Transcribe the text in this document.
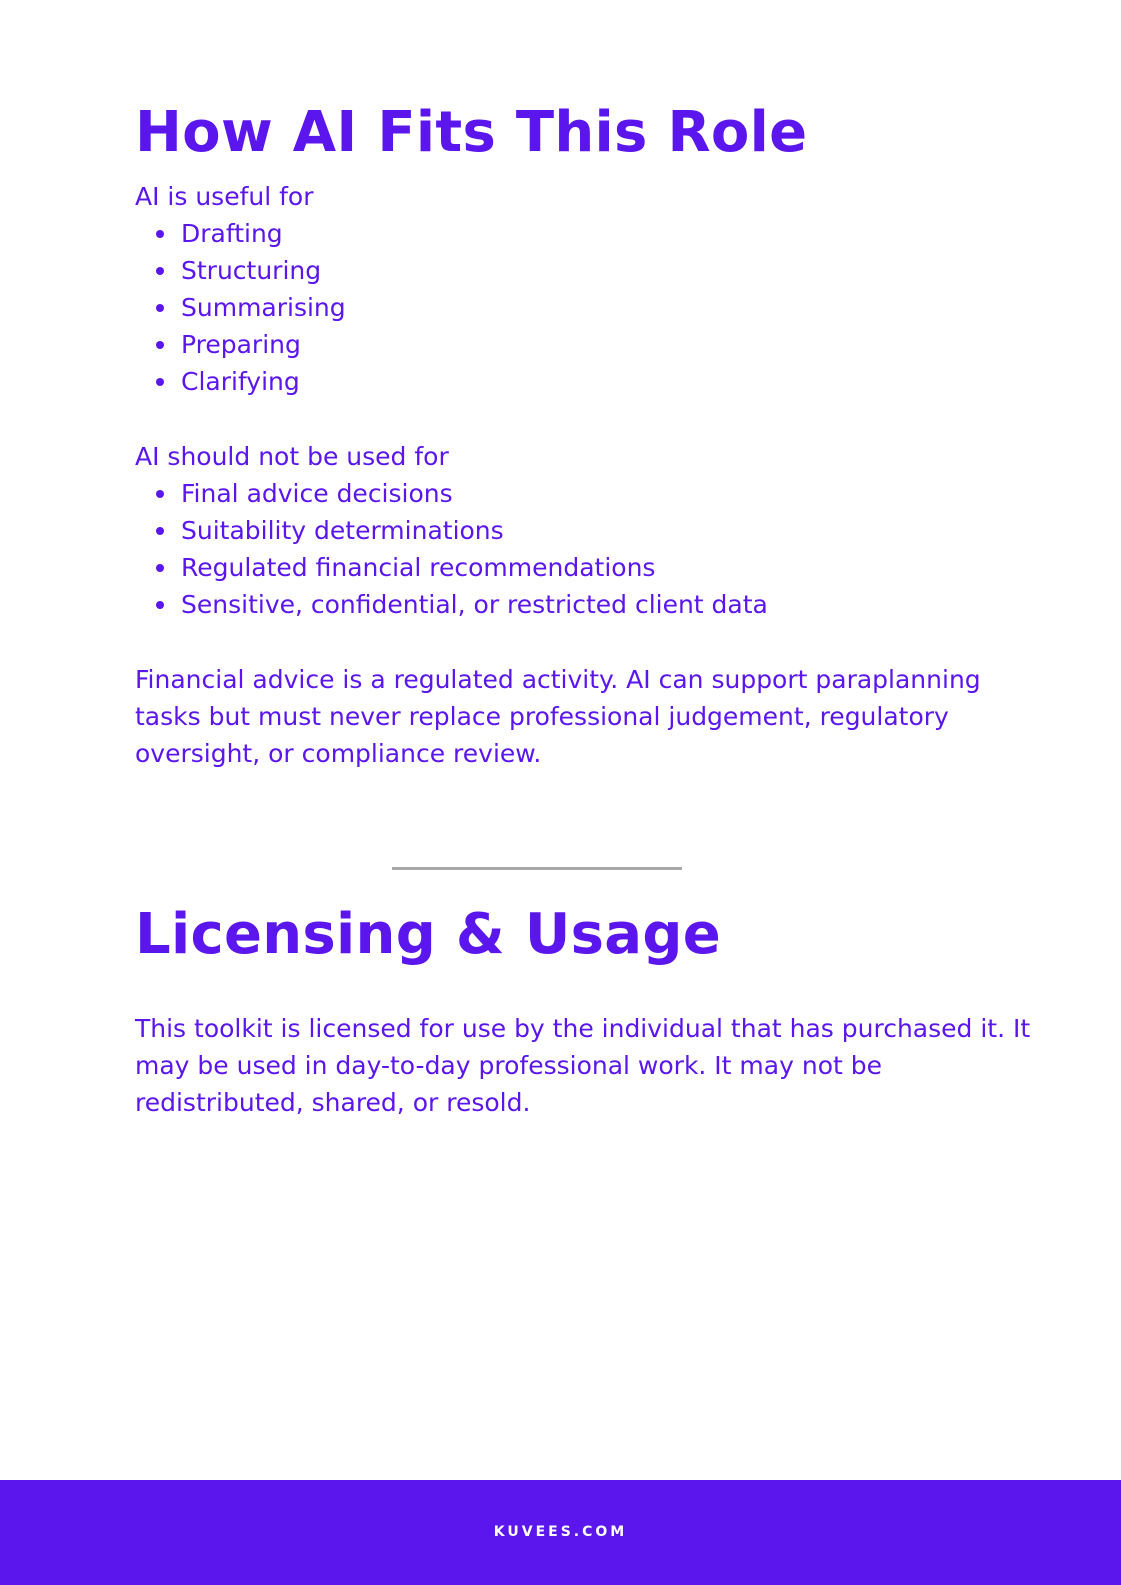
How AI Fits This Role
AI is useful for
Drafting
Structuring
Summarising
Preparing
Clarifying
AI should not be used for
Final advice decisions
Suitability determinations
Regulated financial recommendations
Sensitive, confidential, or restricted client data
Financial advice is a regulated activity. AI can support paraplanning
tasks but must never replace professional judgement, regulatory
oversight, or compliance review.
Licensing & Usage
This toolkit is licensed for use by the individual that has purchased it. It
may be used in day-to-day professional work. It may not be
redistributed, shared, or resold.
KUVEES.COM
